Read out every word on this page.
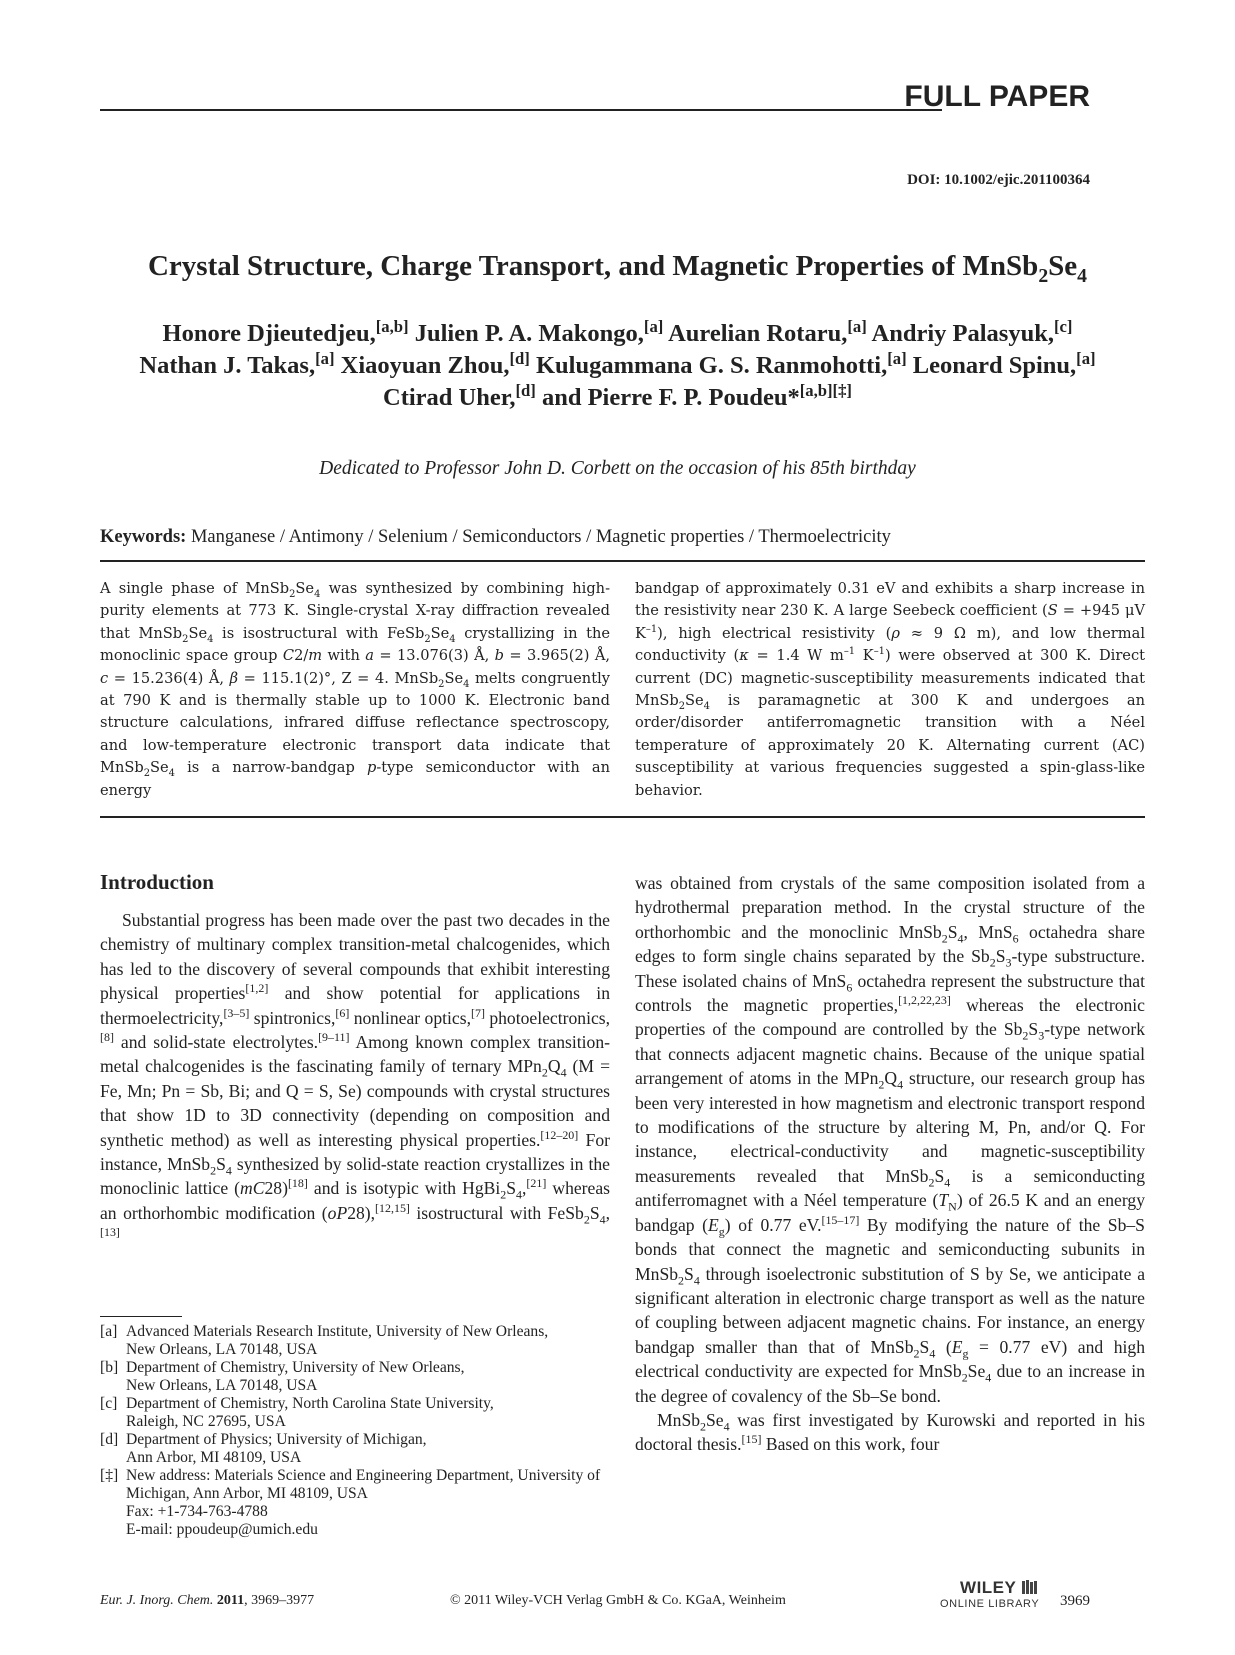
FULL PAPER
DOI: 10.1002/ejic.201100364
Crystal Structure, Charge Transport, and Magnetic Properties of $MnSb_2Se_4$
Honore Djieutedjeu,[a,b] Julien P. A. Makongo,[a] Aurelian Rotaru,[a] Andriy Palasyuk,[c]
Nathan J. Takas,[a] Xiaoyuan Zhou,[d] Kulugammana G. S. Ranmohotti,[a] Leonard Spinu,[a]
Ctirad Uher,[d] and Pierre F. P. Poudeu*[a,b][‡]
Dedicated to Professor John D. Corbett on the occasion of his 85th birthday
Keywords: Manganese / Antimony / Selenium / Semiconductors / Magnetic properties / Thermoelectricity
A single phase of $MnSb_2Se_4$ was synthesized by combining high-purity elements at 773 K. Single-crystal X-ray diffraction revealed that $MnSb_2Se_4$ is isostructural with $FeSb_2Se_4$ crystallizing in the monoclinic space group C2/m with a = 13.076(3) Å, b = 3.965(2) Å, c = 15.236(4) Å, β = 115.1(2)°, Z = 4. $MnSb_2Se_4$ melts congruently at 790 K and is thermally stable up to 1000 K. Electronic band structure calculations, infrared diffuse reflectance spectroscopy, and low-temperature electronic transport data indicate that $MnSb_2Se_4$ is a narrow-bandgap p-type semiconductor with an energy
bandgap of approximately 0.31 eV and exhibits a sharp increase in the resistivity near 230 K. A large Seebeck coefficient (S = +945 μV $K^{-1}$), high electrical resistivity (ρ ≈ 9 Ω m), and low thermal conductivity (κ = 1.4 W $m^{-1}$ $K^{-1}$) were observed at 300 K. Direct current (DC) magnetic-susceptibility measurements indicated that $MnSb_2Se_4$ is paramagnetic at 300 K and undergoes an order/disorder antiferromagnetic transition with a Néel temperature of approximately 20 K. Alternating current (AC) susceptibility at various frequencies suggested a spin-glass-like behavior.
Introduction

Substantial progress has been made over the past two decades in the chemistry of multinary complex transition-metal chalcogenides, which has led to the discovery of several compounds that exhibit interesting physical properties[1,2] and show potential for applications in thermoelectricity,[3–5] spintronics,[6] nonlinear optics,[7] photoelectronics,[8] and solid-state electrolytes.[9–11] Among known complex transition-metal chalcogenides is the fascinating family of ternary $MPn_2Q_4$ (M = Fe, Mn; Pn = Sb, Bi; and Q = S, Se) compounds with crystal structures that show 1D to 3D connectivity (depending on composition and synthetic method) as well as interesting physical properties.[12–20] For instance, $MnSb_2S_4$ synthesized by solid-state reaction crystallizes in the monoclinic lattice (mC28)[18] and is isotypic with $HgBi_2S_4,[21]$ whereas an orthorhombic modification (oP28),[12,15] isostructural with $FeSb_2S_4,[13]$

was obtained from crystals of the same composition isolated from a hydrothermal preparation method. In the crystal structure of the orthorhombic and the monoclinic $MnSb_2S_4$, MnS$_6$ octahedra share edges to form single chains separated by the $Sb_2S_3$-type substructure. These isolated chains of MnS$_6$ octahedra represent the substructure that controls the magnetic properties,[1,2,22,23] whereas the electronic properties of the compound are controlled by the $Sb_2S_3$-type network that connects adjacent magnetic chains. Because of the unique spatial arrangement of atoms in the $MPn_2Q_4$ structure, our research group has been very interested in how magnetism and electronic transport respond to modifications of the structure by altering M, Pn, and/or Q. For instance, electrical-conductivity and magnetic-susceptibility measurements revealed that $MnSb_2S_4$ is a semiconducting antiferromagnet with a Néel temperature $(T_N)$ of 26.5 K and an energy bandgap $(E_g)$ of 0.77 eV.[15–17] By modifying the nature of the Sb–S bonds that connect the magnetic and semiconducting subunits in $MnSb_2S_4$ through isoelectronic substitution of S by Se, we anticipate a significant alteration in electronic charge transport as well as the nature of coupling between adjacent magnetic chains. For instance, an energy bandgap smaller than that of $MnSb_2S_4$ ($E_g = 0.77$ eV) and high electrical conductivity are expected for $MnSb_2Se_4$ due to an increase in the degree of covalency of the Sb–Se bond.

$MnSb_2Se_4$ was first investigated by Kurowski and reported in his doctoral thesis.[15] Based on this work, four

[a] Advanced Materials Research Institute, University of New Orleans,
New Orleans, LA 70148, USA
[b] Department of Chemistry, University of New Orleans,
New Orleans, LA 70148, USA
[c] Department of Chemistry, North Carolina State University,
Raleigh, NC 27695, USA
[d] Department of Physics; University of Michigan,
Ann Arbor, MI 48109, USA
[‡] New address: Materials Science and Engineering Department, University of Michigan, Ann Arbor, MI 48109, USA
Fax: +1-734-763-4788
E-mail: ppoudeup@umich.edu
Eur. J. Inorg. Chem. 2011, 3969–3977	© 2011 Wiley-VCH Verlag GmbH & Co. KGaA, Weinheim
WILEY
ONLINE LIBRARY 3969
